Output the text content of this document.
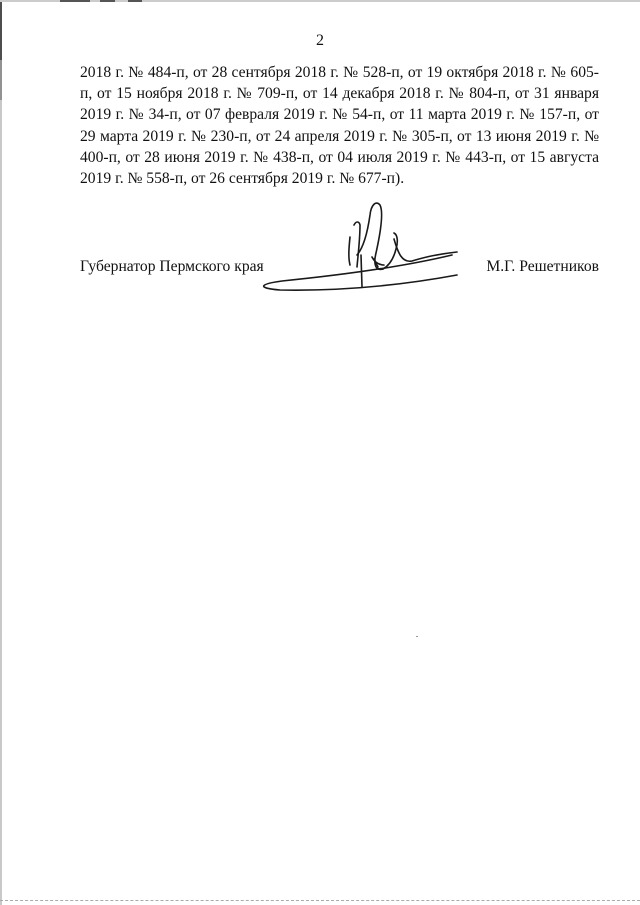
2
2018 г. № 484-п, от 28 сентября 2018 г. № 528-п, от 19 октября 2018 г. № 605-п, от 15 ноября 2018 г. № 709-п, от 14 декабря 2018 г. № 804-п, от 31 января 2019 г. № 34-п, от 07 февраля 2019 г. № 54-п, от 11 марта 2019 г. № 157-п, от 29 марта 2019 г. № 230-п, от 24 апреля 2019 г. № 305-п, от 13 июня 2019 г. № 400-п, от 28 июня 2019 г. № 438-п, от 04 июля 2019 г. № 443-п, от 15 августа 2019 г. № 558-п, от 26 сентября 2019 г. № 677-п).
Губернатор Пермского края	М.Г. Решетников
